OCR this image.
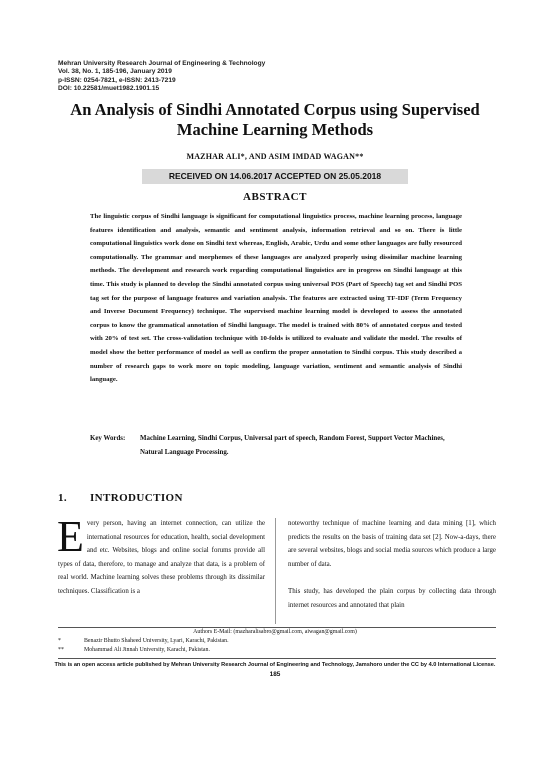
Mehran University Research Journal of Engineering & Technology
Vol. 38, No. 1, 185-196, January 2019
p-ISSN: 0254-7821, e-ISSN: 2413-7219
DOI: 10.22581/muet1982.1901.15
An Analysis of Sindhi Annotated Corpus using Supervised
Machine Learning Methods
MAZHAR ALI*, AND ASIM IMDAD WAGAN**
RECEIVED ON 14.06.2017 ACCEPTED ON 25.05.2018
ABSTRACT
The linguistic corpus of Sindhi language is significant for computational linguistics process, machine learning process, language features identification and analysis, semantic and sentiment analysis, information retrieval and so on. There is little computational linguistics work done on Sindhi text whereas, English, Arabic, Urdu and some other languages are fully resourced computationally. The grammar and morphemes of these languages are analyzed properly using dissimilar machine learning methods. The development and research work regarding computational linguistics are in progress on Sindhi language at this time. This study is planned to develop the Sindhi annotated corpus using universal POS (Part of Speech) tag set and Sindhi POS tag set for the purpose of language features and variation analysis. The features are extracted using TF-IDF (Term Frequency and Inverse Document Frequency) technique. The supervised machine learning model is developed to assess the annotated corpus to know the grammatical annotation of Sindhi language. The model is trained with 80% of annotated corpus and tested with 20% of test set. The cross-validation technique with 10-folds is utilized to evaluate and validate the model. The results of model show the better performance of model as well as confirm the proper annotation to Sindhi corpus. This study described a number of research gaps to work more on topic modeling, language variation, sentiment and semantic analysis of Sindhi language.
Key Words: Machine Learning, Sindhi Corpus, Universal part of speech, Random Forest, Support Vector Machines, Natural Language Processing.
1. INTRODUCTION
Every person, having an internet connection, can utilize the international resources for education, health, social development and etc. Websites, blogs and online social forums provide all types of data, therefore, to manage and analyze that data, is a problem of real world. Machine learning solves these problems through its dissimilar techniques. Classification is a
noteworthy technique of machine learning and data mining [1], which predicts the results on the basis of training data set [2]. Now-a-days, there are several websites, blogs and social media sources which produce a large number of data.
This study, has developed the plain corpus by collecting data through internet resources and annotated that plain
Authors E-Mail: (mazharalisabro@gmail.com, aiwagan@gmail.com)
*	Benazir Bhutto Shaheed University, Lyari, Karachi, Pakistan.
**	Mohammad Ali Jinnah University, Karachi, Pakistan.
This is an open access article published by Mehran University Research Journal of Engineering and Technology, Jamshoro under the CC by 4.0 International License.
185
